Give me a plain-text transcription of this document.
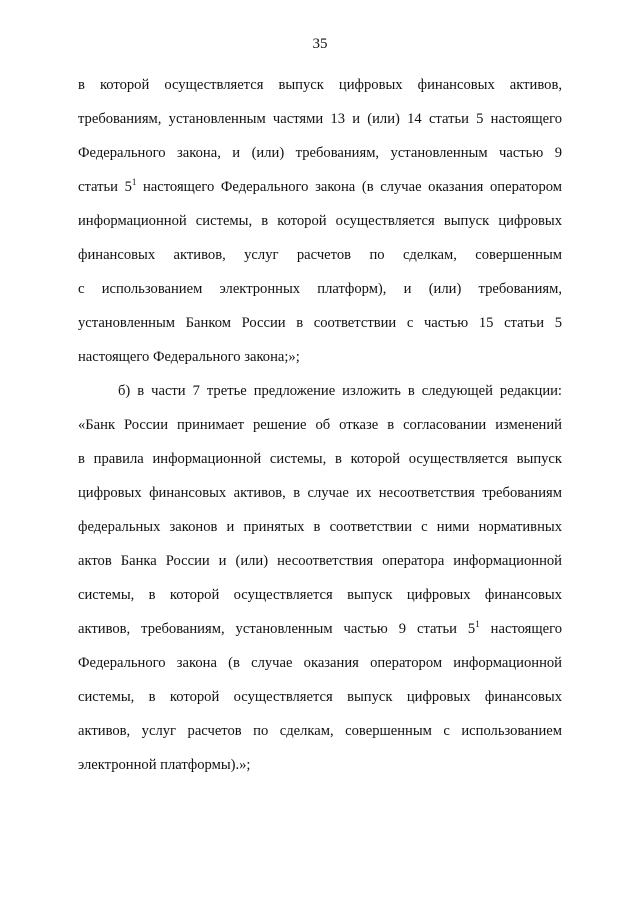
35
в которой осуществляется выпуск цифровых финансовых активов,
требованиям, установленным частями 13 и (или) 14 статьи 5 настоящего
Федерального закона, и (или) требованиям, установленным частью 9
статьи $5^1$ настоящего Федерального закона (в случае оказания оператором
информационной системы, в которой осуществляется выпуск цифровых
финансовых активов, услуг расчетов по сделкам, совершенным
с использованием электронных платформ), и (или) требованиям,
установленным Банком России в соответствии с частью 15 статьи 5
настоящего Федерального закона;»;
б) в части 7 третье предложение изложить в следующей редакции:
«Банк России принимает решение об отказе в согласовании изменений
в правила информационной системы, в которой осуществляется выпуск
цифровых финансовых активов, в случае их несоответствия требованиям
федеральных законов и принятых в соответствии с ними нормативных
актов Банка России и (или) несоответствия оператора информационной
системы, в которой осуществляется выпуск цифровых финансовых
активов, требованиям, установленным частью 9 статьи $5^1$ настоящего
Федерального закона (в случае оказания оператором информационной
системы, в которой осуществляется выпуск цифровых финансовых
активов, услуг расчетов по сделкам, совершенным с использованием
электронной платформы).»;
